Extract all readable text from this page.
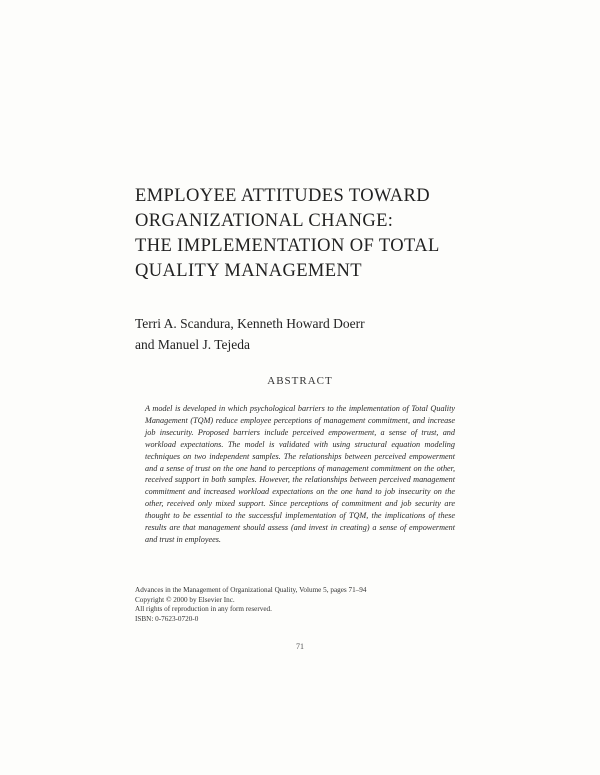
EMPLOYEE ATTITUDES TOWARD
ORGANIZATIONAL CHANGE:
THE IMPLEMENTATION OF TOTAL
QUALITY MANAGEMENT
Terri A. Scandura, Kenneth Howard Doerr
and Manuel J. Tejeda
ABSTRACT

A model is developed in which psychological barriers to the implementation of Total Quality Management (TQM) reduce employee perceptions of management commitment, and increase job insecurity. Proposed barriers include perceived empowerment, a sense of trust, and workload expectations. The model is validated with using structural equation modeling techniques on two independent samples. The relationships between perceived empowerment and a sense of trust on the one hand to perceptions of management commitment on the other, received support in both samples. However, the relationships between perceived management commitment and increased workload expectations on the one hand to job insecurity on the other, received only mixed support. Since perceptions of commitment and job security are thought to be essential to the successful implementation of TQM, the implications of these results are that management should assess (and invest in creating) a sense of empowerment and trust in employees.

Advances in the Management of Organizational Quality, Volume 5, pages 71–94
Copyright © 2000 by Elsevier Inc.
All rights of reproduction in any form reserved.
ISBN: 0-7623-0720-0
71
